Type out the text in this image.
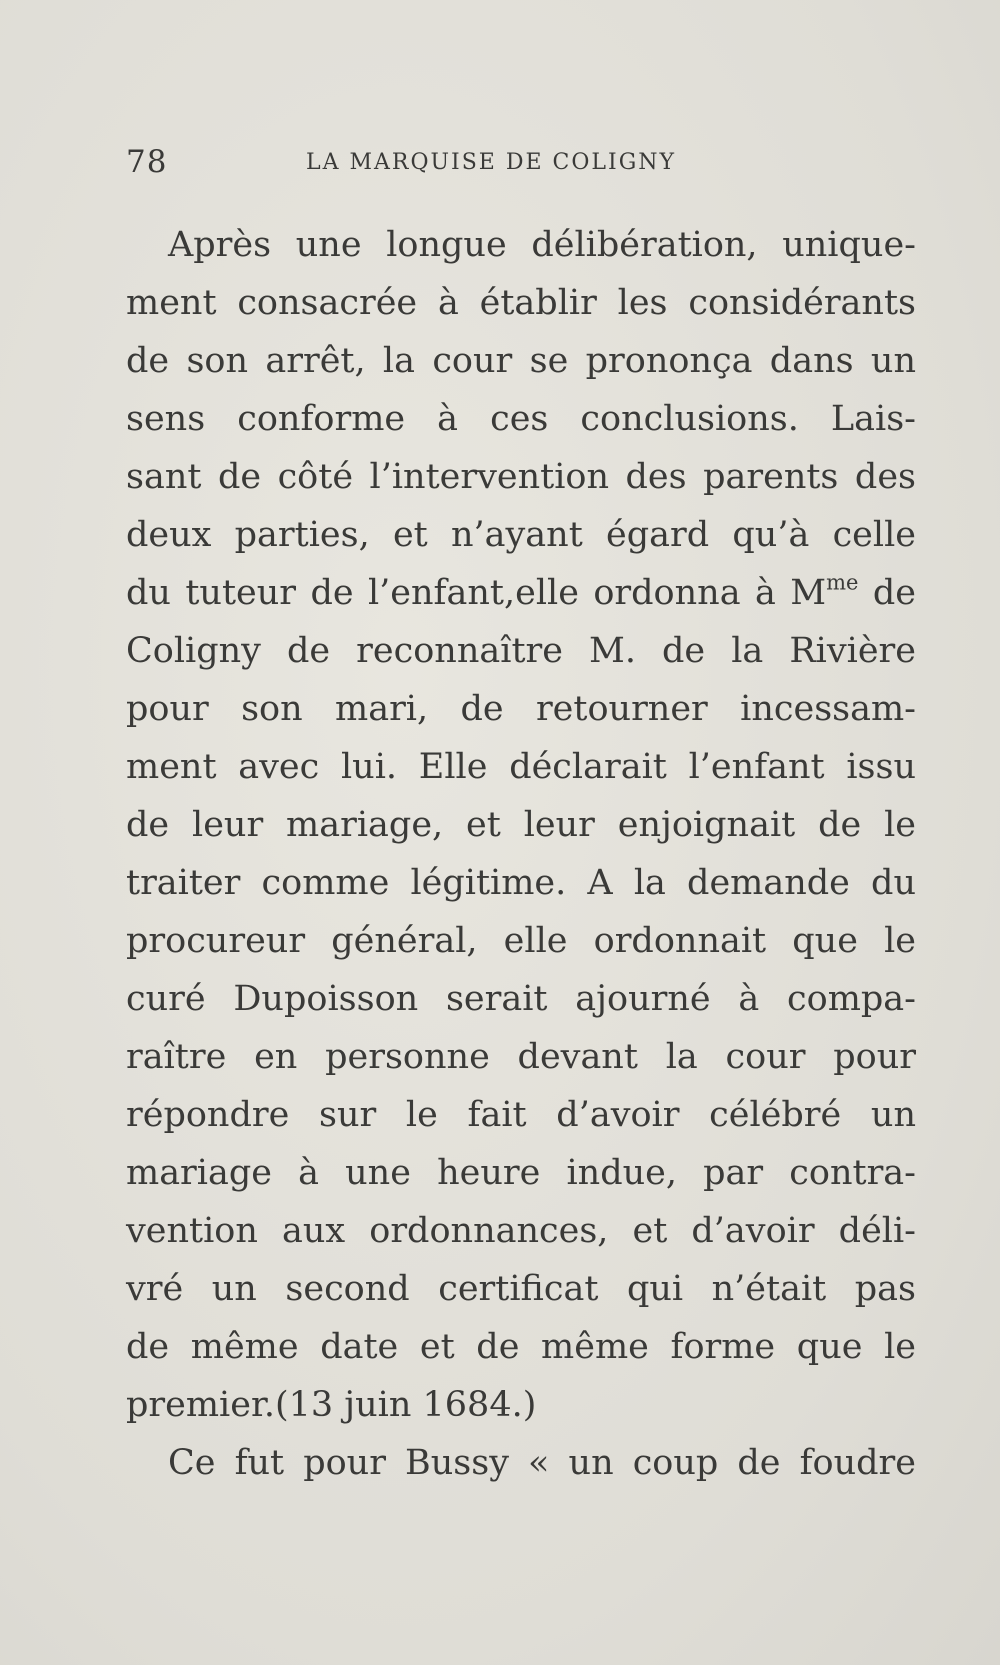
78	LA MARQUISE DE COLIGNY
Après une longue délibération, unique-
ment consacrée à établir les considérants
de son arrêt, la cour se prononça dans un
sens conforme à ces conclusions. Lais-
sant de côté l’intervention des parents des
deux parties, et n’ayant égard qu’à celle
du tuteur de l’enfant,elle ordonna à $M^{me}$ de
Coligny de reconnaître M. de la Rivière
pour son mari, de retourner incessam-
ment avec lui. Elle déclarait l’enfant issu
de leur mariage, et leur enjoignait de le
traiter comme légitime. A la demande du
procureur général, elle ordonnait que le
curé Dupoisson serait ajourné à compa-
raître en personne devant la cour pour
répondre sur le fait d’avoir célébré un
mariage à une heure indue, par contra-
vention aux ordonnances, et d’avoir déli-
vré un second certificat qui n’était pas
de même date et de même forme que le
premier.(13 juin 1684.)
Ce fut pour Bussy « un coup de foudre
